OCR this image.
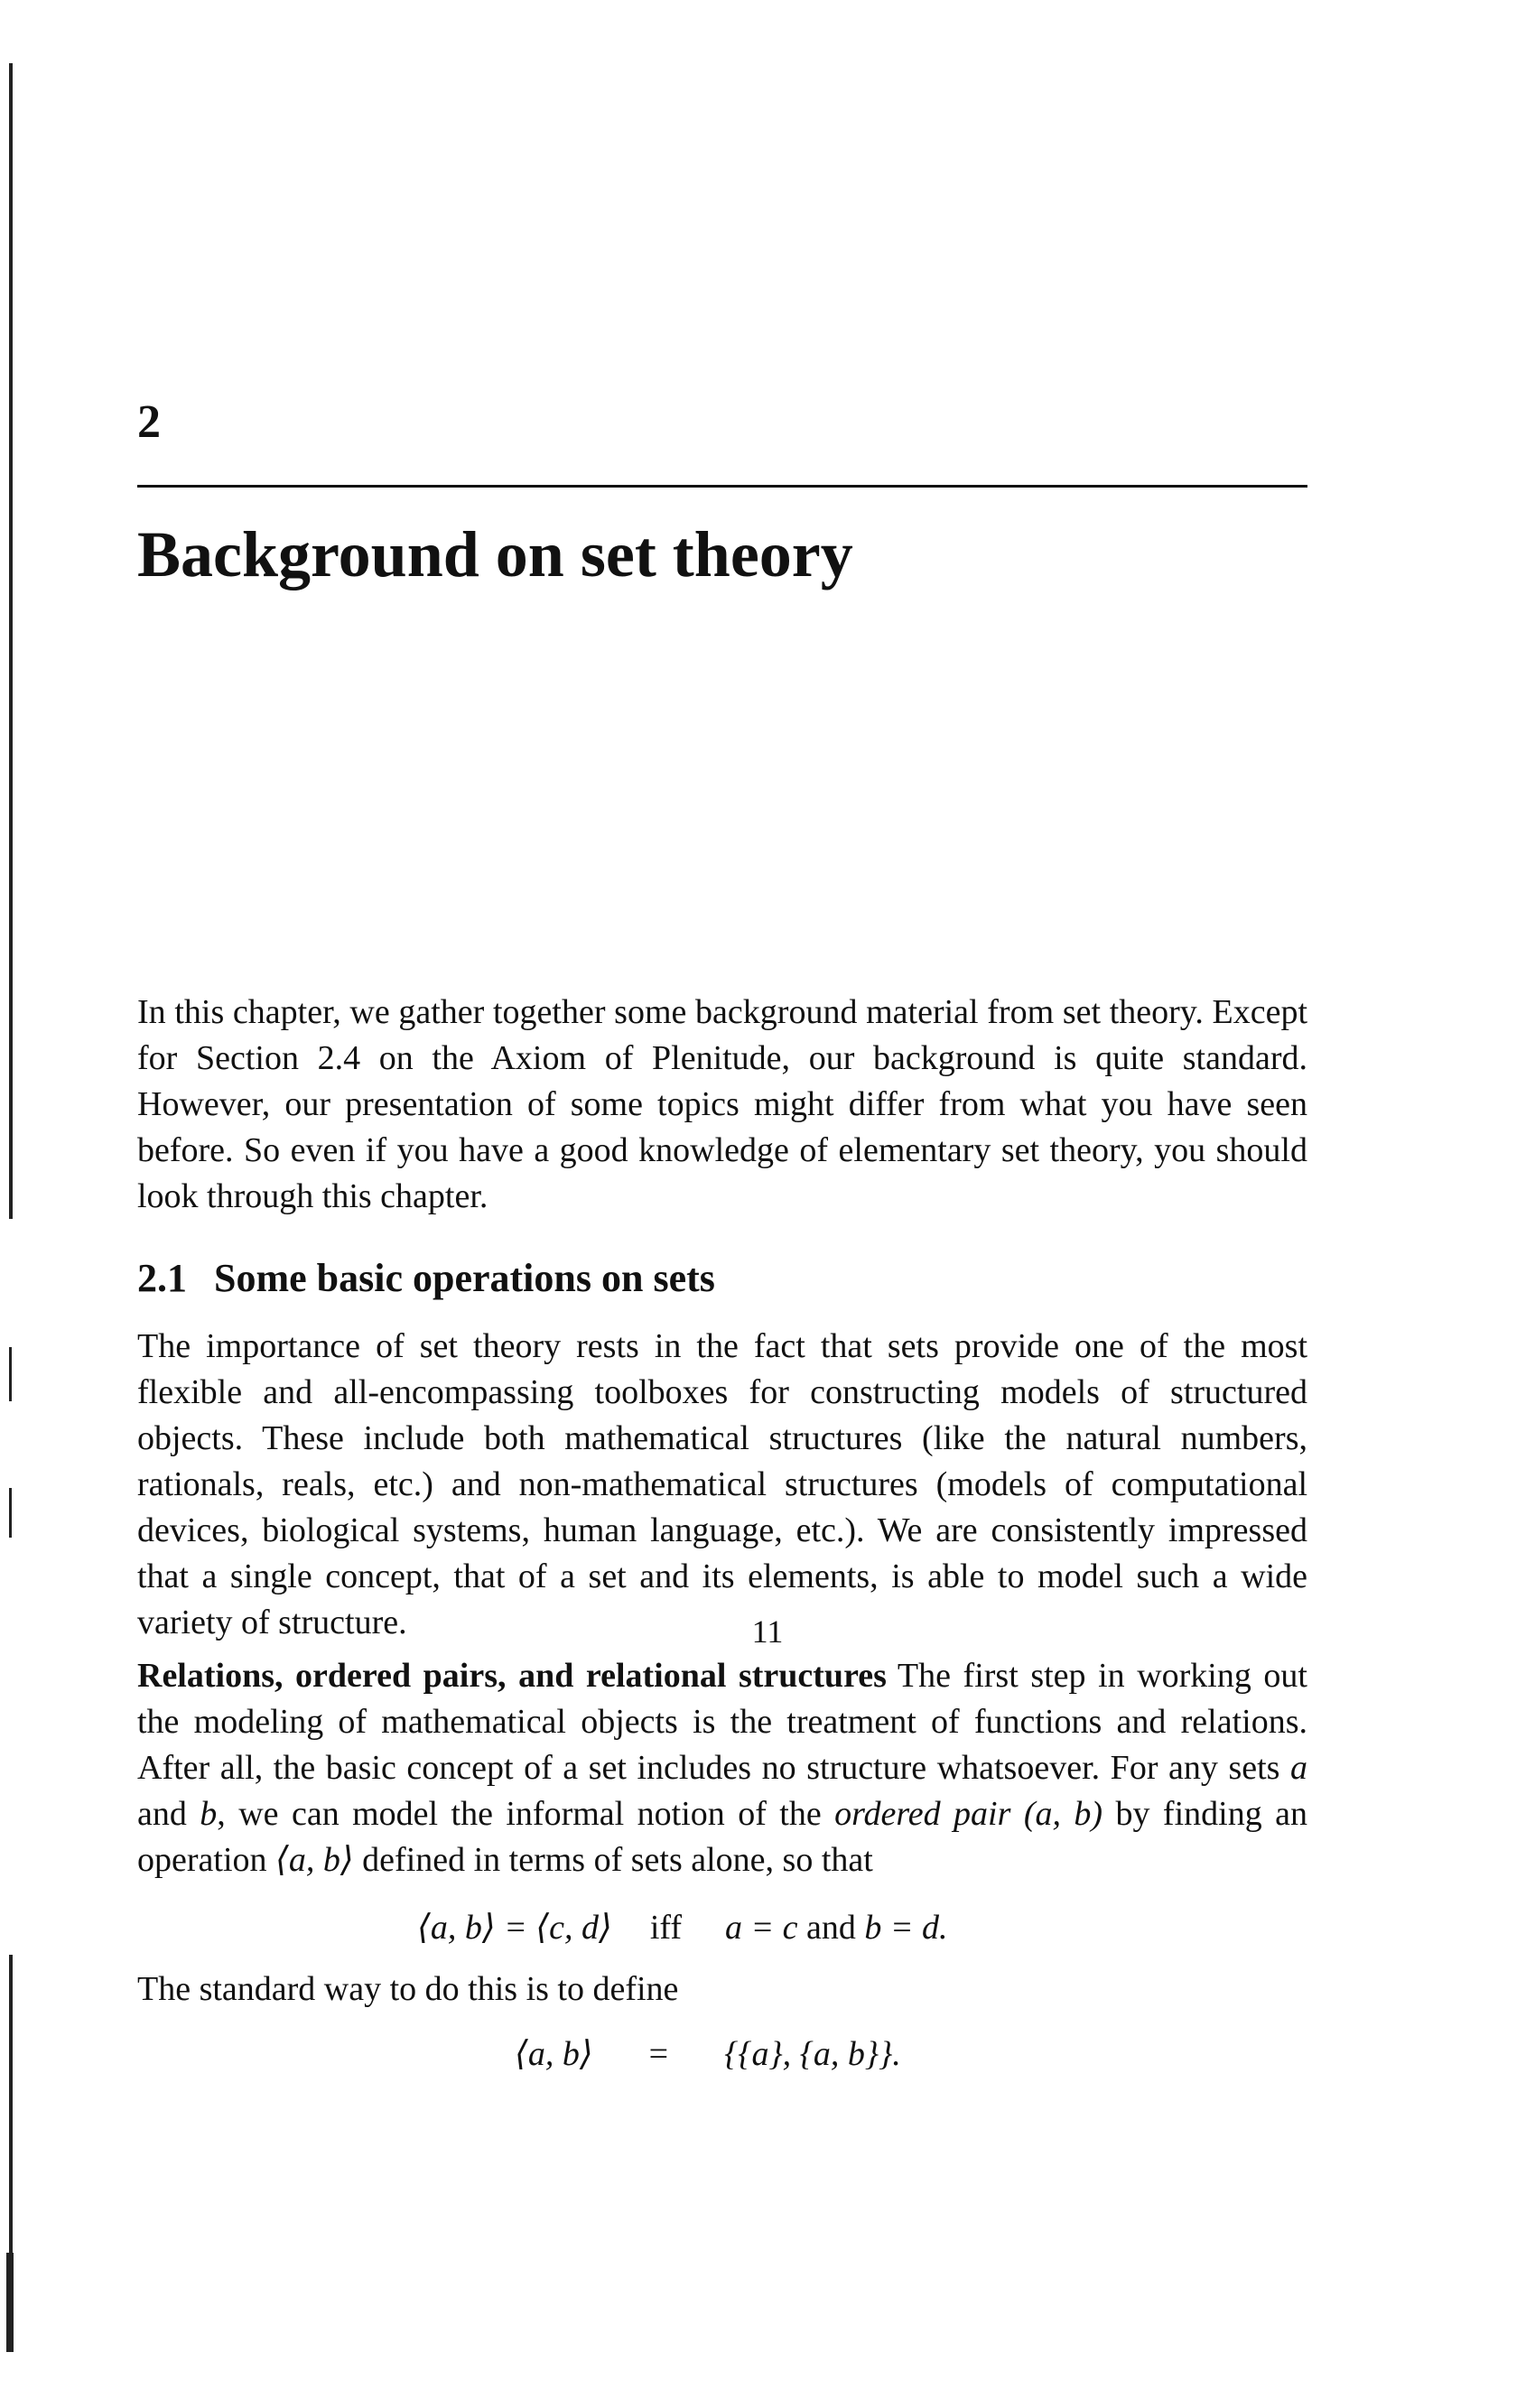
2
Background on set theory

In this chapter, we gather together some background material from set theory. Except for Section 2.4 on the Axiom of Plenitude, our background is quite standard. However, our presentation of some topics might differ from what you have seen before. So even if you have a good knowledge of elementary set theory, you should look through this chapter.

2.1 Some basic operations on sets

The importance of set theory rests in the fact that sets provide one of the most flexible and all-encompassing toolboxes for constructing models of structured objects. These include both mathematical structures (like the natural numbers, rationals, reals, etc.) and non-mathematical structures (models of computational devices, biological systems, human language, etc.). We are consistently impressed that a single concept, that of a set and its elements, is able to model such a wide variety of structure.

Relations, ordered pairs, and relational structures The first step in working out the modeling of mathematical objects is the treatment of functions and relations. After all, the basic concept of a set includes no structure whatsoever. For any sets a and b, we can model the informal notion of the ordered pair (a, b) by finding an operation ⟨a, b⟩ defined in terms of sets alone, so that

⟨a, b⟩ = ⟨c, d⟩ iff a = c and b = d.

The standard way to do this is to define

⟨a, b⟩ = {{a}, {a, b}}.
11
